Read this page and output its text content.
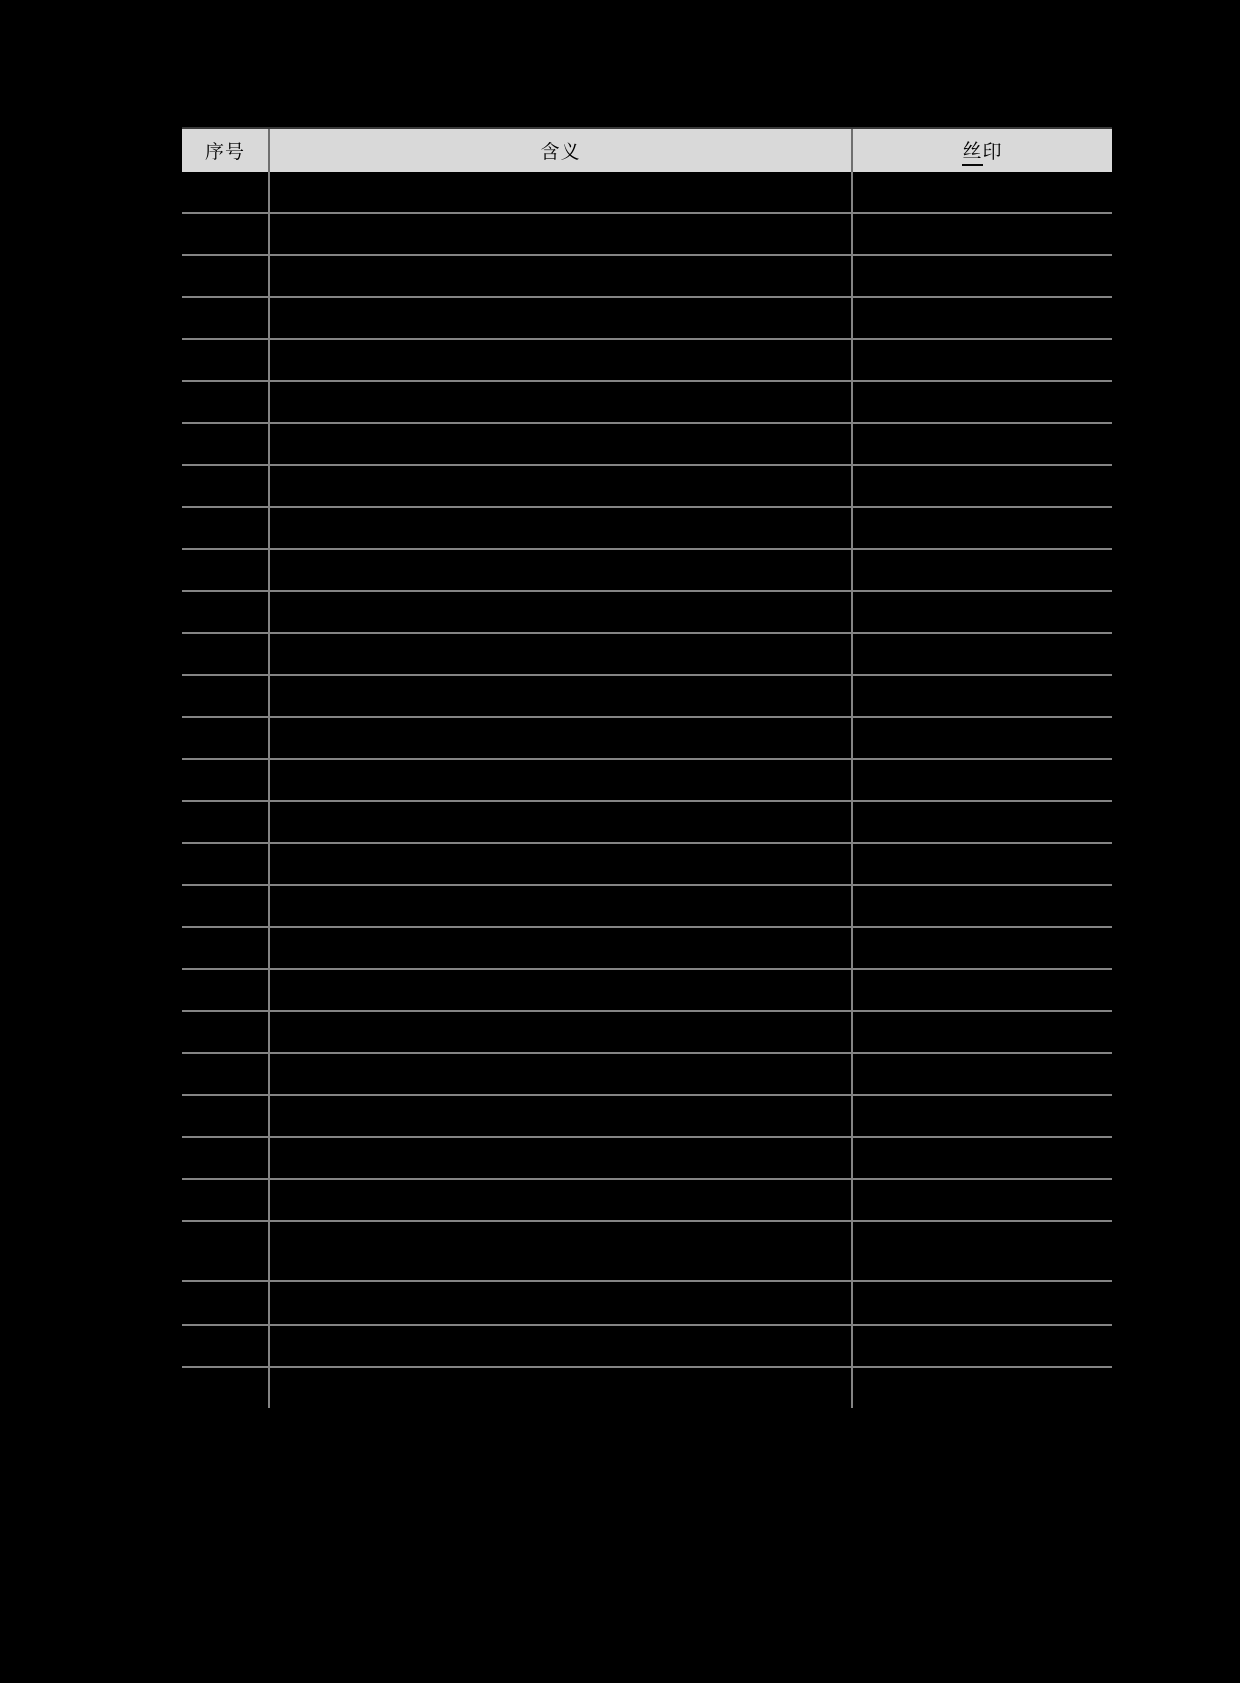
序号	含义	丝 印
